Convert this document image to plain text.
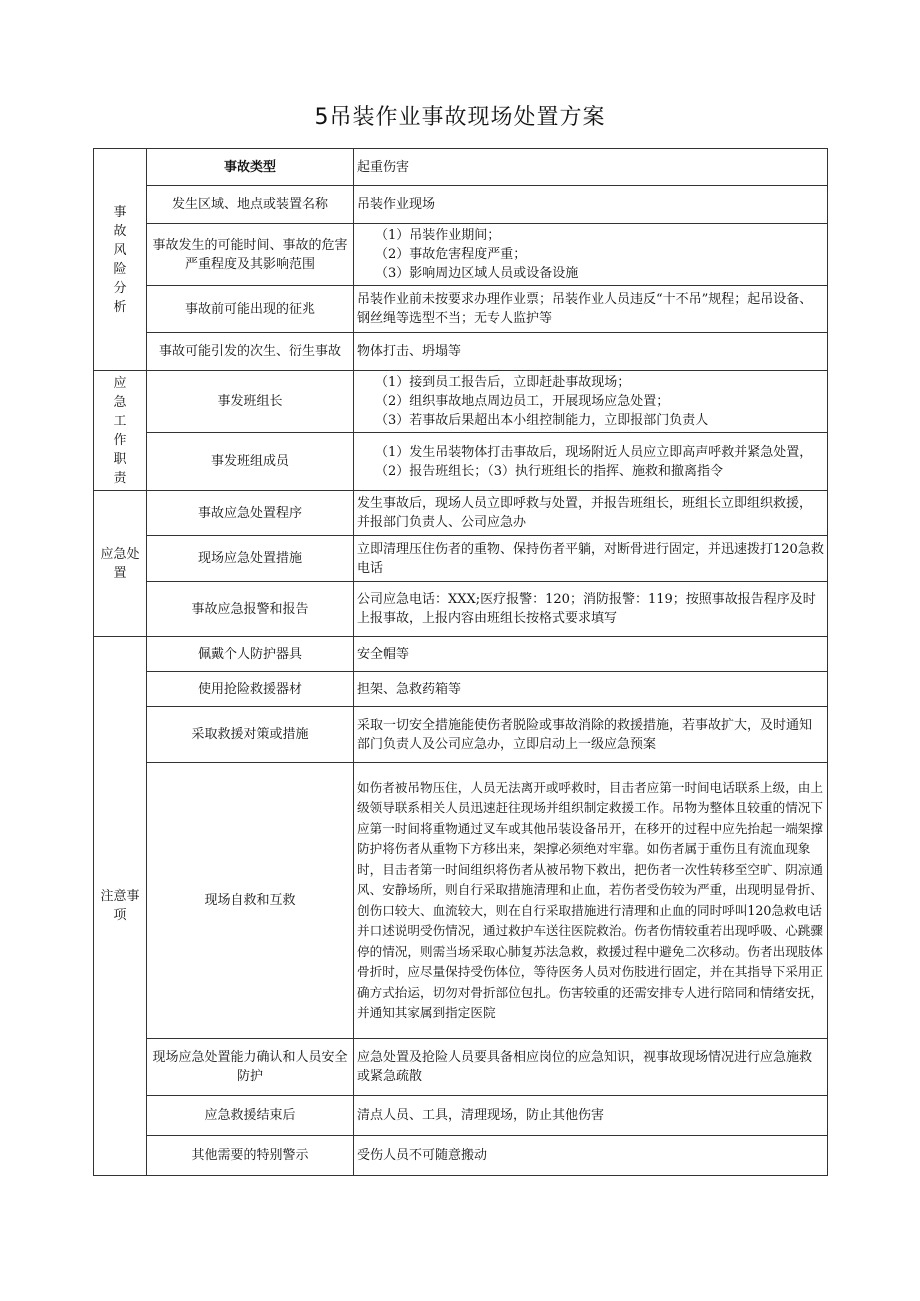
5吊装作业事故现场处置方案
事故风险分析	事故类型	起重伤害
	发生区域、地点或装置名称	吊装作业现场
	事故发生的可能时间、事故的危害严重程度及其影响范围	（1）吊装作业期间；
（2）事故危害程度严重；
（3）影响周边区域人员或设备设施

	事故前可能出现的征兆	吊装作业前未按要求办理作业票；吊装作业人员违反“十不吊”规程；起吊设备、钢丝绳等选型不当；无专人监护等
	事故可能引发的次生、衍生事故	物体打击、坍塌等
应急工作职责	事发班组长	（1）接到员工报告后，立即赶赴事故现场；
（2）组织事故地点周边员工，开展现场应急处置；
（3）若事故后果超出本小组控制能力，立即报部门负责人

	事发班组成员	（1）发生吊装物体打击事故后，现场附近人员应立即高声呼救并紧急处置，
（2）报告班组长；（3）执行班组长的指挥、施救和撤离指令

应急处置	事故应急处置程序	发生事故后，现场人员立即呼救与处置，并报告班组长，班组长立即组织救援，并报部门负责人、公司应急办
	现场应急处置措施	立即清理压住伤者的重物、保持伤者平躺，对断骨进行固定，并迅速拨打120急救电话
	事故应急报警和报告	公司应急电话：XXX;医疗报警：120；消防报警：119；按照事故报告程序及时上报事故，上报内容由班组长按格式要求填写
注意事项	佩戴个人防护器具	安全帽等
	使用抢险救援器材	担架、急救药箱等
	采取救援对策或措施	采取一切安全措施能使伤者脱险或事故消除的救援措施，若事故扩大，及时通知部门负责人及公司应急办，立即启动上一级应急预案
	现场自救和互救	如伤者被吊物压住，人员无法离开或呼救时，目击者应第一时间电话联系上级，由上级领导联系相关人员迅速赶往现场并组织制定救援工作。吊物为整体且较重的情况下应第一时间将重物通过叉车或其他吊装设备吊开，在移开的过程中应先抬起一端架撑防护将伤者从重物下方移出来，架撑必须绝对牢靠。如伤者属于重伤且有流血现象时，目击者第一时间组织将伤者从被吊物下救出，把伤者一次性转移至空旷、阴凉通风、安静场所，则自行采取措施清理和止血，若伤者受伤较为严重，出现明显骨折、创伤口较大、血流较大，则在自行采取措施进行清理和止血的同时呼叫120急救电话并口述说明受伤情况，通过救护车送往医院救治。伤者伤情较重若出现呼吸、心跳骤停的情况，则需当场采取心肺复苏法急救，救援过程中避免二次移动。伤者出现肢体骨折时，应尽量保持受伤体位，等待医务人员对伤肢进行固定，并在其指导下采用正确方式抬运，切勿对骨折部位包扎。伤害较重的还需安排专人进行陪同和情绪安抚，并通知其家属到指定医院
	现场应急处置能力确认和人员安全防护	应急处置及抢险人员要具备相应岗位的应急知识，视事故现场情况进行应急施救或紧急疏散
	应急救援结束后	清点人员、工具，清理现场，防止其他伤害
	其他需要的特别警示	受伤人员不可随意搬动
